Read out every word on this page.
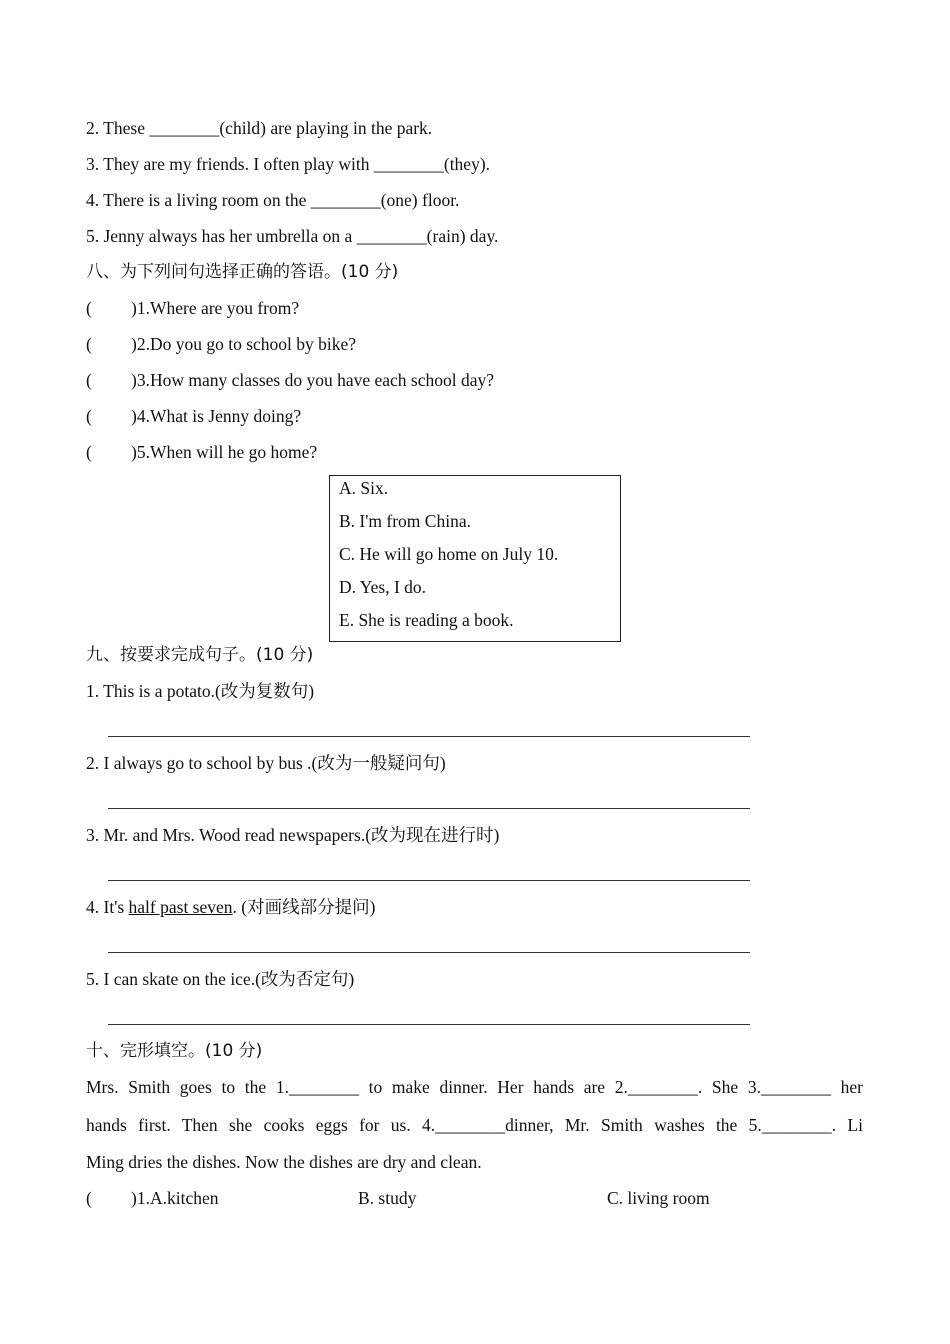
2. These ________(child) are playing in the park.
3. They are my friends. I often play with ________(they).
4. There is a living room on the ________(one) floor.
5. Jenny always has her umbrella on a ________(rain) day.
八、为下列问句选择正确的答语。(10 分)
( )1.Where are you from?
( )2.Do you go to school by bike?
( )3.How many classes do you have each school day?
( )4.What is Jenny doing?
( )5.When will he go home?
A. Six.
B. I'm from China.
C. He will go home on July 10.
D. Yes, I do.
E. She is reading a book.
九、按要求完成句子。(10 分)
1. This is a potato.(改为复数句)
2. I always go to school by bus .(改为一般疑问句)
3. Mr. and Mrs. Wood read newspapers.(改为现在进行时)
4. It's half past seven. (对画线部分提问)
5. I can skate on the ice.(改为否定句)
十、完形填空。(10 分)
Mrs. Smith goes to the 1.________ to make dinner. Her hands are 2.________. She 3.________ her
hands first. Then she cooks eggs for us. 4.________dinner, Mr. Smith washes the 5.________. Li
Ming dries the dishes. Now the dishes are dry and clean.
( )1.A.kitchen	B. study	C. living room
